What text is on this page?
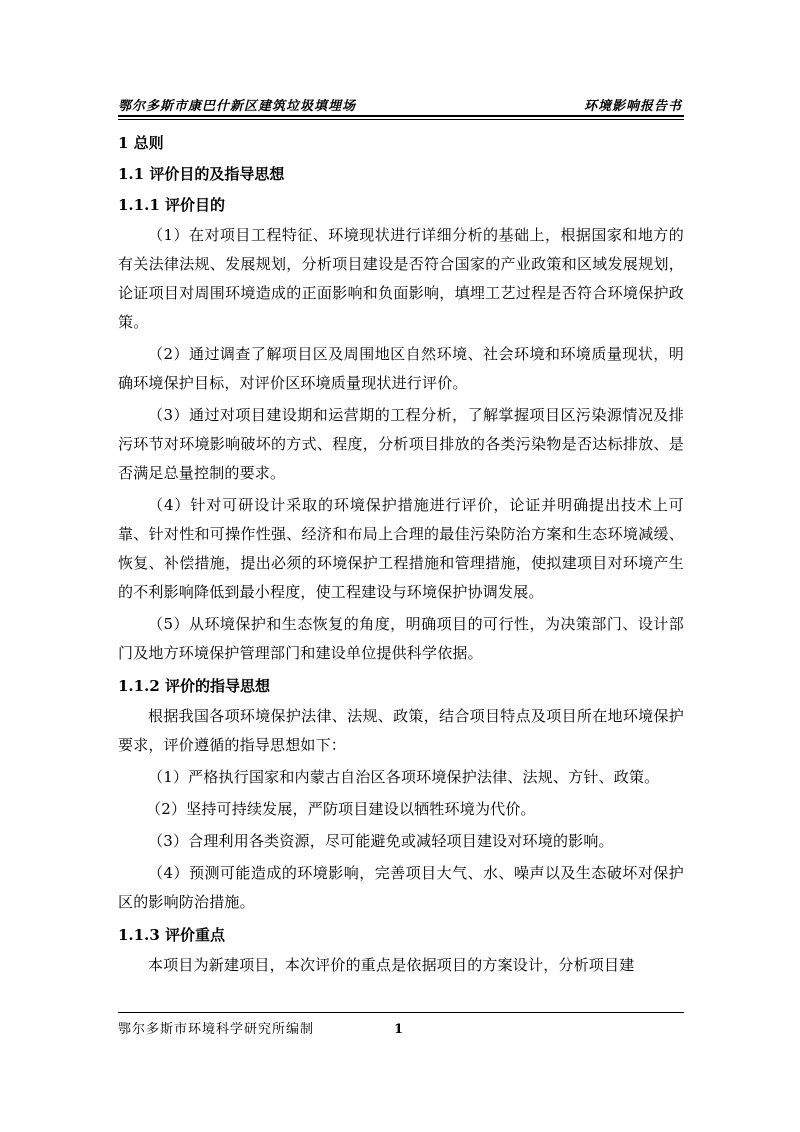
鄂尔多斯市康巴什新区建筑垃圾填埋场	环境影响报告书

1 总则

1.1 评价目的及指导思想

1.1.1 评价目的

（1）在对项目工程特征、环境现状进行详细分析的基础上，根据国家和地方的有关法律法规、发展规划，分析项目建设是否符合国家的产业政策和区域发展规划，论证项目对周围环境造成的正面影响和负面影响，填埋工艺过程是否符合环境保护政策。

（2）通过调查了解项目区及周围地区自然环境、社会环境和环境质量现状，明确环境保护目标，对评价区环境质量现状进行评价。

（3）通过对项目建设期和运营期的工程分析，了解掌握项目区污染源情况及排污环节对环境影响破坏的方式、程度，分析项目排放的各类污染物是否达标排放、是否满足总量控制的要求。

（4）针对可研设计采取的环境保护措施进行评价，论证并明确提出技术上可靠、针对性和可操作性强、经济和布局上合理的最佳污染防治方案和生态环境减缓、恢复、补偿措施，提出必须的环境保护工程措施和管理措施，使拟建项目对环境产生的不利影响降低到最小程度，使工程建设与环境保护协调发展。

（5）从环境保护和生态恢复的角度，明确项目的可行性，为决策部门、设计部门及地方环境保护管理部门和建设单位提供科学依据。

1.1.2 评价的指导思想

根据我国各项环境保护法律、法规、政策，结合项目特点及项目所在地环境保护要求，评价遵循的指导思想如下：

（1）严格执行国家和内蒙古自治区各项环境保护法律、法规、方针、政策。

（2）坚持可持续发展，严防项目建设以牺牲环境为代价。

（3）合理利用各类资源，尽可能避免或减轻项目建设对环境的影响。

（4）预测可能造成的环境影响，完善项目大气、水、噪声以及生态破坏对保护区的影响防治措施。

1.1.3 评价重点

本项目为新建项目，本次评价的重点是依据项目的方案设计，分析项目建

鄂尔多斯市环境科学研究所编制	1
